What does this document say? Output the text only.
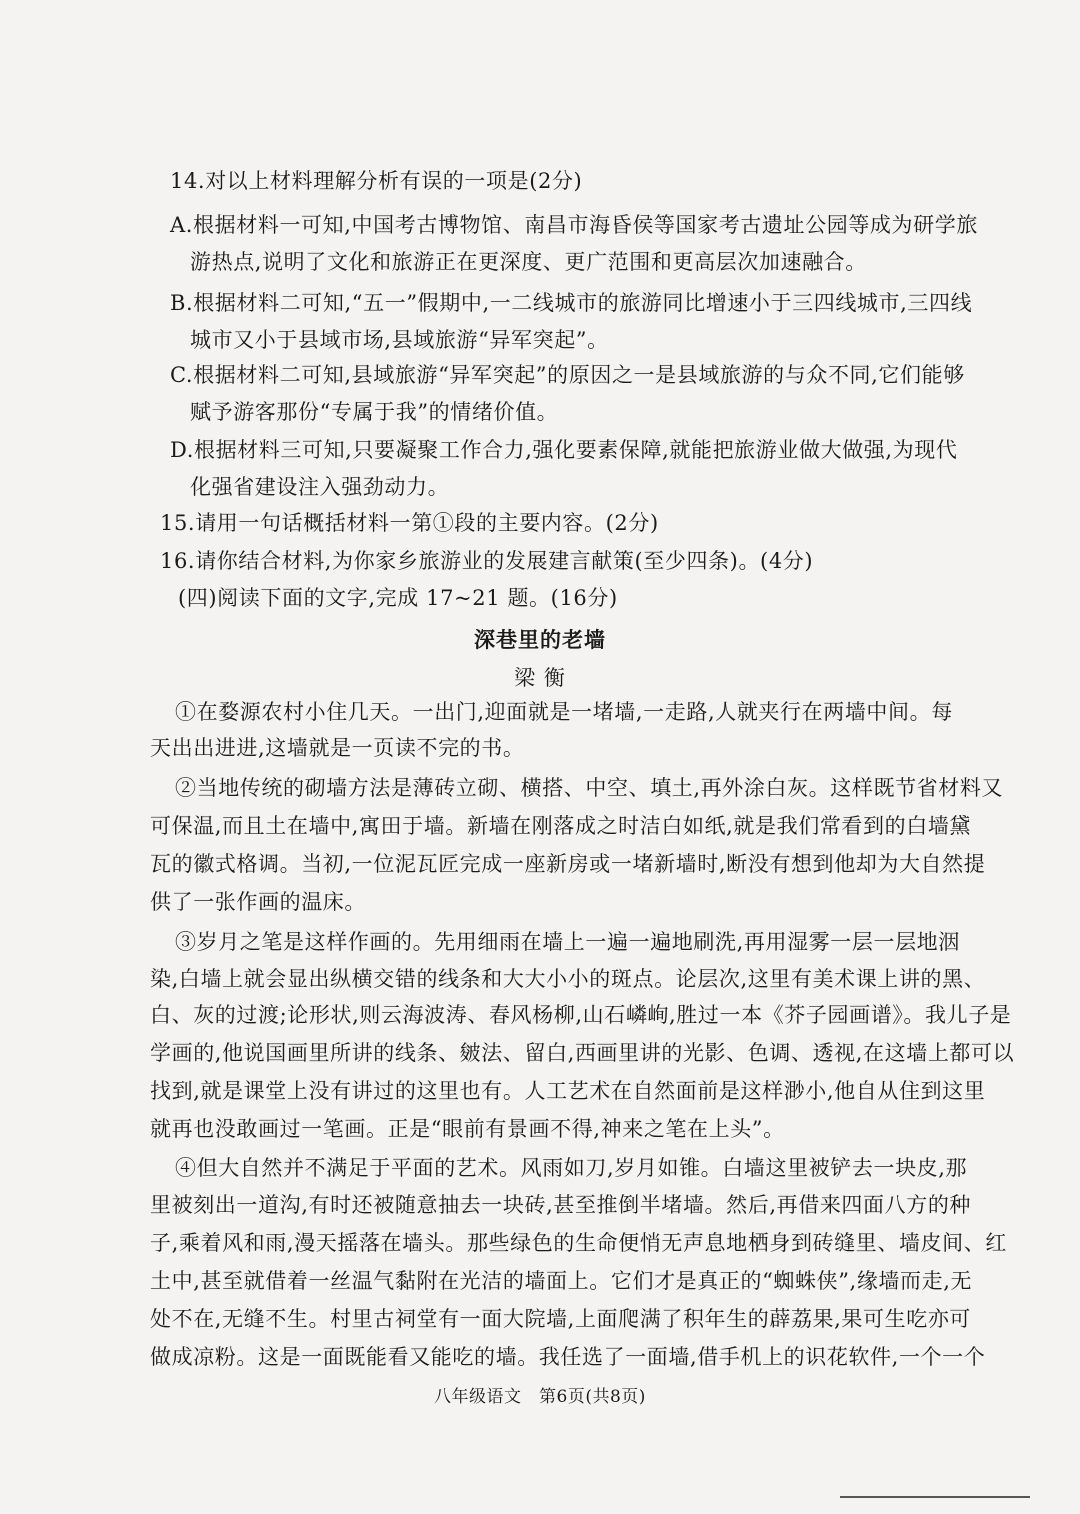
14.对以上材料理解分析有误的一项是(2分)
A.根据材料一可知,中国考古博物馆、南昌市海昏侯等国家考古遗址公园等成为研学旅
游热点,说明了文化和旅游正在更深度、更广范围和更高层次加速融合。
B.根据材料二可知,“五一”假期中,一二线城市的旅游同比增速小于三四线城市,三四线
城市又小于县域市场,县域旅游“异军突起”。
C.根据材料二可知,县域旅游“异军突起”的原因之一是县域旅游的与众不同,它们能够
赋予游客那份“专属于我”的情绪价值。
D.根据材料三可知,只要凝聚工作合力,强化要素保障,就能把旅游业做大做强,为现代
化强省建设注入强劲动力。
15.请用一句话概括材料一第①段的主要内容。(2分)
16.请你结合材料,为你家乡旅游业的发展建言献策(至少四条)。(4分)
(四)阅读下面的文字,完成 17~21 题。(16分)
深巷里的老墙
梁 衡
①在婺源农村小住几天。一出门,迎面就是一堵墙,一走路,人就夹行在两墙中间。每
天出出进进,这墙就是一页读不完的书。
②当地传统的砌墙方法是薄砖立砌、横搭、中空、填土,再外涂白灰。这样既节省材料又
可保温,而且土在墙中,寓田于墙。新墙在刚落成之时洁白如纸,就是我们常看到的白墙黛
瓦的徽式格调。当初,一位泥瓦匠完成一座新房或一堵新墙时,断没有想到他却为大自然提
供了一张作画的温床。
③岁月之笔是这样作画的。先用细雨在墙上一遍一遍地刷洗,再用湿雾一层一层地洇
染,白墙上就会显出纵横交错的线条和大大小小的斑点。论层次,这里有美术课上讲的黑、
白、灰的过渡;论形状,则云海波涛、春风杨柳,山石嶙峋,胜过一本《芥子园画谱》。我儿子是
学画的,他说国画里所讲的线条、皴法、留白,西画里讲的光影、色调、透视,在这墙上都可以
找到,就是课堂上没有讲过的这里也有。人工艺术在自然面前是这样渺小,他自从住到这里
就再也没敢画过一笔画。正是“眼前有景画不得,神来之笔在上头”。
④但大自然并不满足于平面的艺术。风雨如刀,岁月如锥。白墙这里被铲去一块皮,那
里被刻出一道沟,有时还被随意抽去一块砖,甚至推倒半堵墙。然后,再借来四面八方的种
子,乘着风和雨,漫天摇落在墙头。那些绿色的生命便悄无声息地栖身到砖缝里、墙皮间、红
土中,甚至就借着一丝温气黏附在光洁的墙面上。它们才是真正的“蜘蛛侠”,缘墙而走,无
处不在,无缝不生。村里古祠堂有一面大院墙,上面爬满了积年生的薜荔果,果可生吃亦可
做成凉粉。这是一面既能看又能吃的墙。我任选了一面墙,借手机上的识花软件,一个一个
八年级语文　第6页(共8页)
